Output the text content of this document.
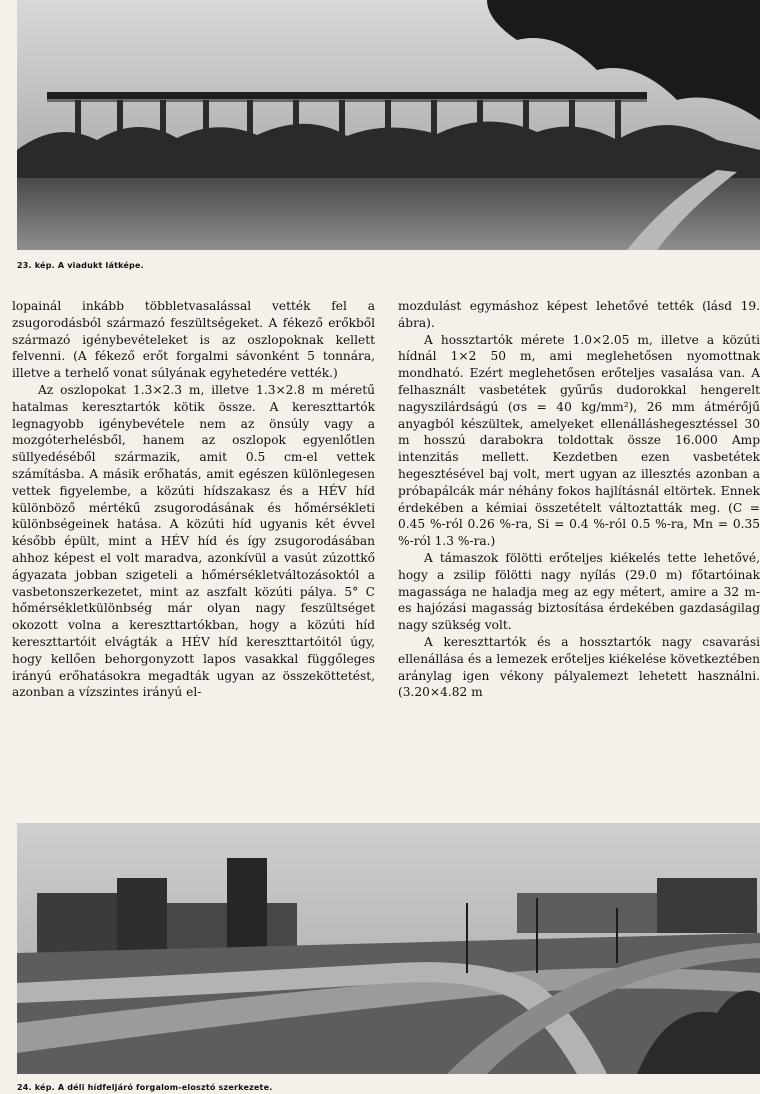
23. kép. A viadukt látképe.

lopainál inkább többletvasalással vették fel a zsugorodásból származó feszültségeket. A fékező erőkből származó igénybevételeket is az oszlopoknak kellett felvenni. (A fékező erőt forgalmi sávonként 5 tonnára, illetve a terhelő vonat súlyának egyhetedére vették.)

Az oszlopokat 1.3×2.3 m, illetve 1.3×2.8 m méretű hatalmas keresztartók kötik össze. A kereszttartók legnagyobb igénybevétele nem az önsúly vagy a mozgóterhelésből, hanem az oszlopok egyenlőtlen süllyedéséből származik, amit 0.5 cm-el vettek számításba. A másik erőhatás, amit egészen különlegesen vettek figyelembe, a közúti hídszakasz és a HÉV híd különböző mértékű zsugorodásának és hőmérsékleti különbségeinek hatása. A közúti híd ugyanis két évvel később épült, mint a HÉV híd és így zsugorodásában ahhoz képest el volt maradva, azonkívül a vasút zúzottkő ágyazata jobban szigeteli a hőmérsékletváltozásoktól a vasbetonszerkezetet, mint az aszfalt közúti pálya. 5° C hőmérsékletkülönbség már olyan nagy feszültséget okozott volna a kereszttartókban, hogy a közúti híd kereszttartóit elvágták a HÉV híd kereszttartóitól úgy, hogy kellően behorgonyzott lapos vasakkal függőleges irányú erőhatásokra megadták ugyan az összeköttetést, azonban a vízszintes irányú el-

mozdulást egymáshoz képest lehetővé tették (lásd 19. ábra).

A hossztartók mérete 1.0×2.05 m, illetve a közúti hídnál 1×2 50 m, ami meglehetősen nyomottnak mondható. Ezért meglehetősen erőteljes vasalása van. A felhasznált vasbetétek gyűrűs dudorokkal hengerelt nagyszilárdságú (σs = 40 kg/mm²), 26 mm átmérőjű anyagból készültek, amelyeket ellenálláshegesztéssel 30 m hosszú darabokra toldottak össze 16.000 Amp intenzitás mellett. Kezdetben ezen vasbetétek hegesztésével baj volt, mert ugyan az illesztés azonban a próbapálcák már néhány fokos hajlításnál eltörtek. Ennek érdekében a kémiai összetételt változtatták meg. (C = 0.45 %-ról 0.26 %-ra, Si = 0.4 %-ról 0.5 %-ra, Mn = 0.35 %-ról 1.3 %-ra.)

A támaszok fölötti erőteljes kiékelés tette lehetővé, hogy a zsilip fölötti nagy nyílás (29.0 m) főtartóinak magassága ne haladja meg az egy métert, amire a 32 m-es hajózási magasság biztosítása érdekében gazdaságilag nagy szükség volt.

A kereszttartók és a hossztartók nagy csavarási ellenállása és a lemezek erőteljes kiékelése következtében aránylag igen vékony pályalemezt lehetett használni. (3.20×4.82 m

24. kép. A déli hídfeljáró forgalom-elosztó szerkezete.
